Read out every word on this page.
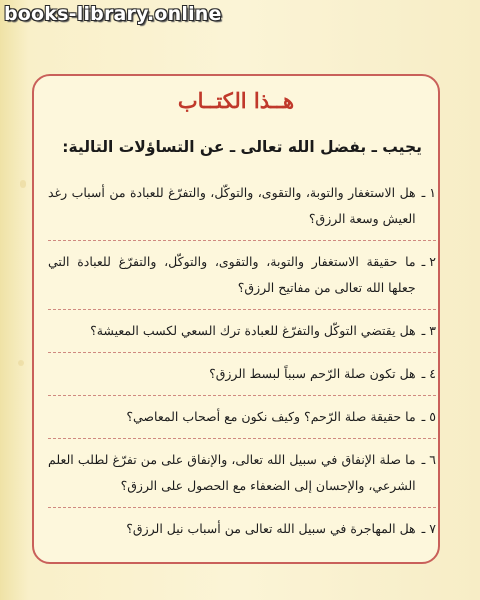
books-library.online
هــذا الكتــاب
يجيب ـ بفضل الله تعالى ـ عن التساؤلات التالية:
١ ـ
هل الاستغفار والتوبة، والتقوى، والتوكّل، والتفرّغ للعبادة من أسباب رغد العيش وسعة الرزق؟
٢ ـ
ما حقيقة الاستغفار والتوبة، والتقوى، والتوكّل، والتفرّغ للعبادة التي جعلها الله تعالى من مفاتيح الرزق؟
٣ ـ
هل يقتضي التوكّل والتفرّغ للعبادة ترك السعي لكسب المعيشة؟
٤ ـ
هل تكون صلة الرّحم سبباً لبسط الرزق؟
٥ ـ
ما حقيقة صلة الرّحم؟ وكيف نكون مع أصحاب المعاصي؟
٦ ـ
ما صلة الإنفاق في سبيل الله تعالى، والإنفاق على من تفرّغ لطلب العلم الشرعي، والإحسان إلى الضعفاء مع الحصول على الرزق؟
٧ ـ
هل المهاجرة في سبيل الله تعالى من أسباب نيل الرزق؟
